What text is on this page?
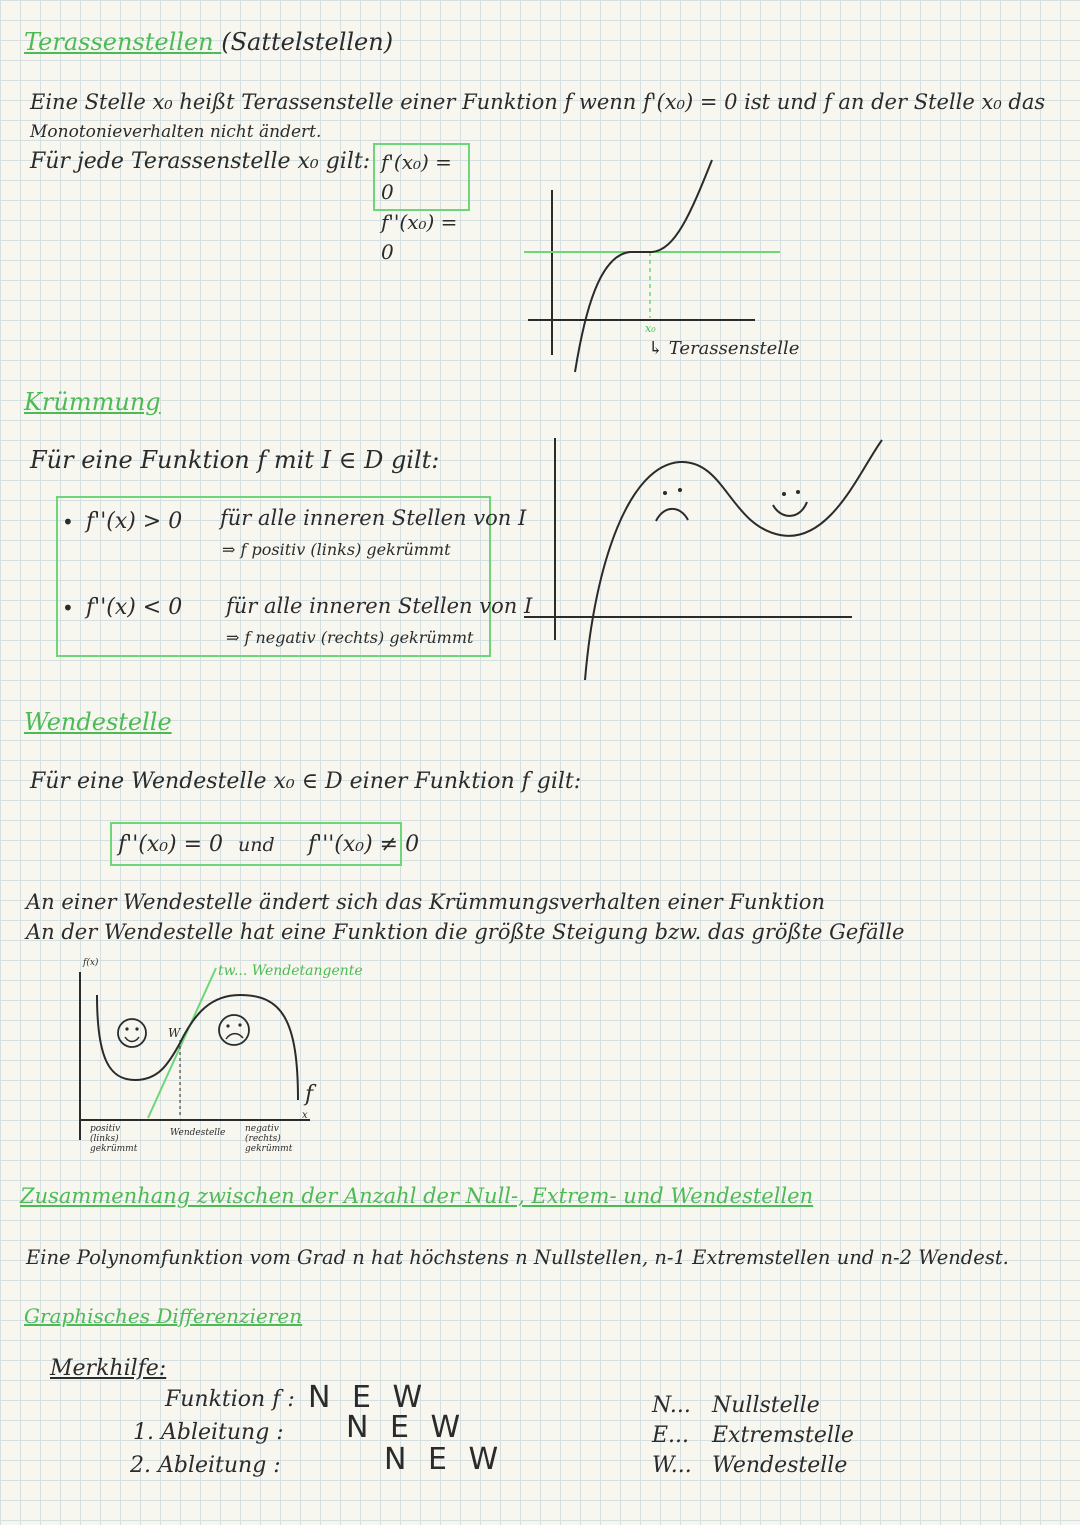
Terassenstellen (Sattelstellen)
Eine Stelle x₀ heißt Terassenstelle einer Funktion f wenn f'(x₀) = 0 ist und f an der Stelle x₀ das
Monotonieverhalten nicht ändert.
Für jede Terassenstelle x₀ gilt: f'(x₀) = 0
f''(x₀) = 0
x₀
↳ Terassenstelle
Krümmung
Für eine Funktion f mit I ∈ D gilt:
• f''(x) > 0 für alle inneren Stellen von I
⇒ f positiv (links) gekrümmt
• f''(x) < 0 für alle inneren Stellen von I
⇒ f negativ (rechts) gekrümmt
Wendestelle
Für eine Wendestelle x₀ ∈ D einer Funktion f gilt:
f''(x₀) = 0 und f'''(x₀) ≠ 0
An einer Wendestelle ändert sich das Krümmungsverhalten einer Funktion
An der Wendestelle hat eine Funktion die größte Steigung bzw. das größte Gefälle
f(x)
x
tw... Wendetangente
W
f
positiv (links) gekrümmt
Wendestelle negativ (rechts) gekrümmt
Zusammenhang zwischen der Anzahl der Null-, Extrem- und Wendestellen
Eine Polynomfunktion vom Grad n hat höchstens n Nullstellen, n-1 Extremstellen und n-2 Wendest.
Graphisches Differenzieren
Merkhilfe:
Funktion f : N E W
1. Ableitung : N E W
2. Ableitung :	N E W
N... Nullstelle
E... Extremstelle
W... Wendestelle
